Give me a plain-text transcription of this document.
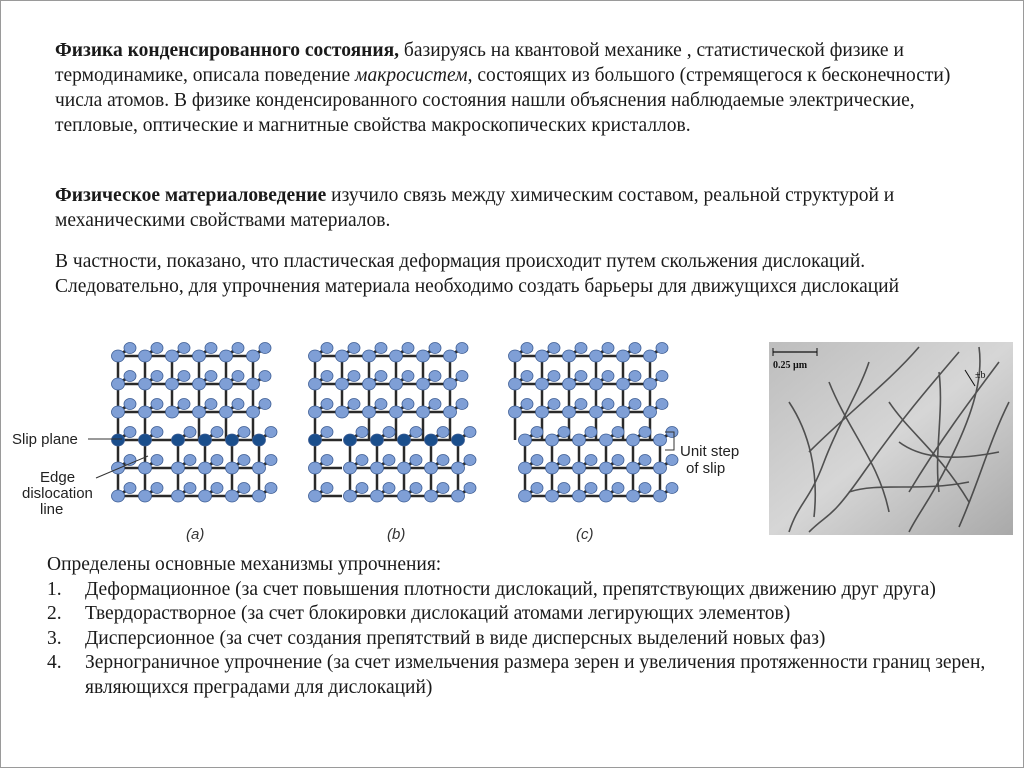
Физика конденсированного состояния, базируясь на квантовой механике , статистической физике и термодинамике, описала поведение макросистем, состоящих из большого (стремящегося к бесконечности) числа атомов. В физике конденсированного состояния нашли объяснения наблюдаемые электрические, тепловые, оптические и магнитные свойства макроскопических кристаллов.

Физическое материаловедение изучило связь между химическим составом, реальной структурой и механическими свойствами материалов.

В частности, показано, что пластическая деформация происходит путем скольжения дислокаций. Следовательно, для упрочнения материала необходимо создать барьеры для движущихся дислокаций

Slip plane
Edge
dislocation
line
Unit step
of slip
(a)	(b)	(c)
0.25 µm
±b

Определены основные механизмы упрочнения:

1.	Деформационное (за счет повышения плотности дислокаций, препятствующих движению друг друга)
2.	Твердорастворное (за счет блокировки дислокаций атомами легирующих элементов)
3.	Дисперсионное (за счет создания препятствий в виде дисперсных выделений новых фаз)
4.	Зернограничное упрочнение (за счет измельчения размера зерен и увеличения протяженности границ зерен, являющихся преградами для дислокаций)
